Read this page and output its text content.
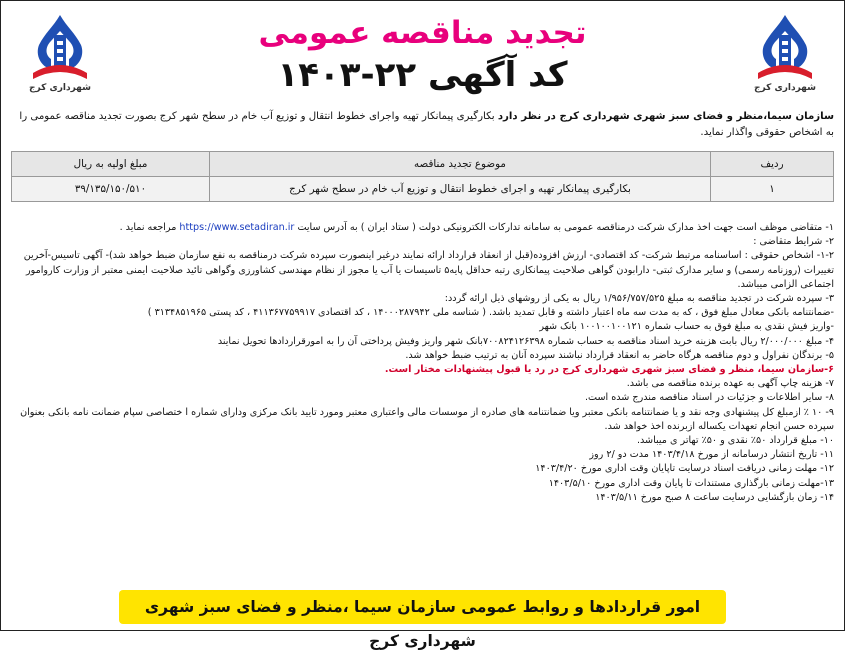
شهرداری کرج
شهرداری کرج
تجدید مناقصه عمومی
کد آگهی ۲۲-۱۴۰۳
سازمان سیما،منظر و فضای سبز شهری شهرداری کرج در نظر دارد بکارگیری پیمانکار تهیه واجرای خطوط انتقال و توزیع آب خام در سطح شهر کرج بصورت تجدید مناقصه عمومی را به اشخاص حقوقی واگذار نماید.
ردیف	موضوع تجدید مناقصه	مبلغ اولیه به ریال
۱	بکارگیری پیمانکار تهیه و اجرای خطوط انتقال و توزیع آب خام در سطح شهر کرج	۳۹/۱۳۵/۱۵۰/۵۱۰

۱- متقاضی موظف است جهت اخذ مدارک شرکت درمناقصه عمومی به سامانه تدارکات الکترونیکی دولت ( ستاد ایران ) به آدرس سایت https://www.setadiran.ir مراجعه نماید .

۲- شرایط متقاضی :

۱-۲- اشخاص حقوقی : اساسنامه مرتبط شرکت- کد اقتصادی- ارزش افزوده(قبل از انعقاد قرارداد ارائه نمایند درغیر اینصورت سپرده شرکت درمناقصه به نفع سازمان ضبط خواهد شد)- آگهی تاسیس-آخرین تغییرات (روزنامه رسمی) و سایر مدارک ثبتی- دارابودن گواهی صلاحیت پیمانکاری رتبه حداقل پایه۵ تاسیسات یا آب یا مجوز از نظام مهندسی کشاورزی وگواهی تائید صلاحیت ایمنی معتبر از وزارت کاروامور اجتماعی الزامی میباشد.

۳- سپرده شرکت در تجدید مناقصه به مبلغ ۱/۹۵۶/۷۵۷/۵۲۵ ریال به یکی از روشهای ذیل ارائه گردد:

-ضمانتنامه بانکی معادل مبلغ فوق ، که به مدت سه ماه اعتبار داشته و قابل تمدید باشد. ( شناسه ملی ۱۴۰۰۰۲۸۷۹۴۲ ، کد اقتصادی ۴۱۱۳۶۷۷۵۹۹۱۷ ، کد پستی ۳۱۳۴۸۵۱۹۶۵ )

-واریز فیش نقدی به مبلغ فوق به حساب شماره ۱۰۰۱۰۰۱۰۰۱۲۱ بانک شهر

۴- مبلغ ۲/۰۰۰/۰۰۰ ریال بابت هزینه خرید اسناد مناقصه به حساب شماره ۷۰۰۸۲۴۱۲۶۳۹۸بانک شهر واریز وفیش پرداختی آن را به امورقراردادها تحویل نمایند

۵- برندگان نفراول و دوم مناقصه هرگاه حاضر به انعقاد قرارداد نباشند سپرده آنان به ترتیب ضبط خواهد شد.

۶-سازمان سیما، منظر و فضای سبز شهری شهرداری کرج در رد یا قبول پیشنهادات مختار است.

۷- هزینه چاپ آگهی به عهده برنده مناقصه می باشد.

۸- سایر اطلاعات و جزئیات در اسناد مناقصه مندرج شده است.

۹- ۱۰ ٪ ازمبلغ کل پیشنهادی وجه نقد و یا ضمانتنامه بانکی معتبر ویا ضمانتنامه های صادره از موسسات مالی واعتباری معتبر ومورد تایید بانک مرکزی ودارای شماره ا ختصاصی سپام ضمانت نامه بانکی بعنوان سپرده حسن انجام تعهدات یکساله ازبرنده اخذ خواهد شد.

۱۰- مبلغ قرارداد ۵۰٪ نقدی و ۵۰٪ تهاتر ی میباشد.

۱۱- تاریخ انتشار درسامانه از مورخ ۱۴۰۳/۴/۱۸ مدت دو /۲ روز

۱۲- مهلت زمانی دریافت اسناد درسایت تاپایان وقت اداری مورخ ۱۴۰۳/۴/۲۰

۱۳-مهلت زمانی بارگذاری مستندات تا پایان وقت اداری مورخ ۱۴۰۳/۵/۱۰

۱۴- زمان بازگشایی درسایت ساعت ۸ صبح مورخ ۱۴۰۳/۵/۱۱

امور قراردادها و روابط عمومی سازمان سیما ،منظر و فضای سبز شهری شهرداری کرج
